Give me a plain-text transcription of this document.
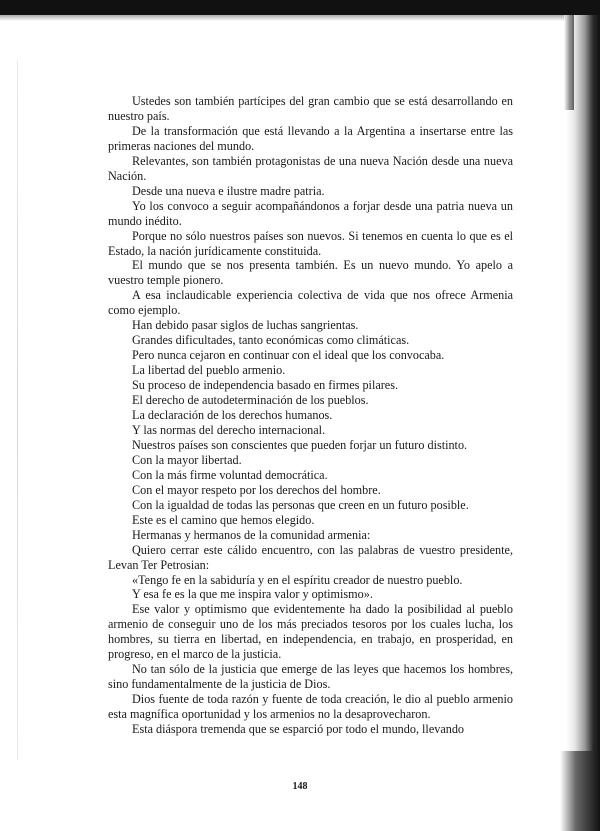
Ustedes son también partícipes del gran cambio que se está desarrollando en nuestro país.

De la transformación que está llevando a la Argentina a insertarse entre las primeras naciones del mundo.

Relevantes, son también protagonistas de una nueva Nación desde una nueva Nación.

Desde una nueva e ilustre madre patria.

Yo los convoco a seguir acompañándonos a forjar desde una patria nueva un mundo inédito.

Porque no sólo nuestros países son nuevos. Si tenemos en cuenta lo que es el Estado, la nación jurídicamente constituida.

El mundo que se nos presenta también. Es un nuevo mundo. Yo apelo a vuestro temple pionero.

A esa inclaudicable experiencia colectiva de vida que nos ofrece Armenia como ejemplo.

Han debido pasar siglos de luchas sangrientas.

Grandes dificultades, tanto económicas como climáticas.

Pero nunca cejaron en continuar con el ideal que los convocaba.

La libertad del pueblo armenio.

Su proceso de independencia basado en firmes pilares.

El derecho de autodeterminación de los pueblos.

La declaración de los derechos humanos.

Y las normas del derecho internacional.

Nuestros países son conscientes que pueden forjar un futuro distinto.

Con la mayor libertad.

Con la más firme voluntad democrática.

Con el mayor respeto por los derechos del hombre.

Con la igualdad de todas las personas que creen en un futuro posible.

Este es el camino que hemos elegido.

Hermanas y hermanos de la comunidad armenia:

Quiero cerrar este cálido encuentro, con las palabras de vuestro presidente, Levan Ter Petrosian:

«Tengo fe en la sabiduría y en el espíritu creador de nuestro pueblo.

Y esa fe es la que me inspira valor y optimismo».

Ese valor y optimismo que evidentemente ha dado la posibilidad al pueblo armenio de conseguir uno de los más preciados tesoros por los cuales lucha, los hombres, su tierra en libertad, en independencia, en trabajo, en prosperidad, en progreso, en el marco de la justicia.

No tan sólo de la justicia que emerge de las leyes que hacemos los hombres, sino fundamentalmente de la justicia de Dios.

Dios fuente de toda razón y fuente de toda creación, le dio al pueblo armenio esta magnífica oportunidad y los armenios no la desaprovecharon.

Esta diáspora tremenda que se esparció por todo el mundo, llevando

148
